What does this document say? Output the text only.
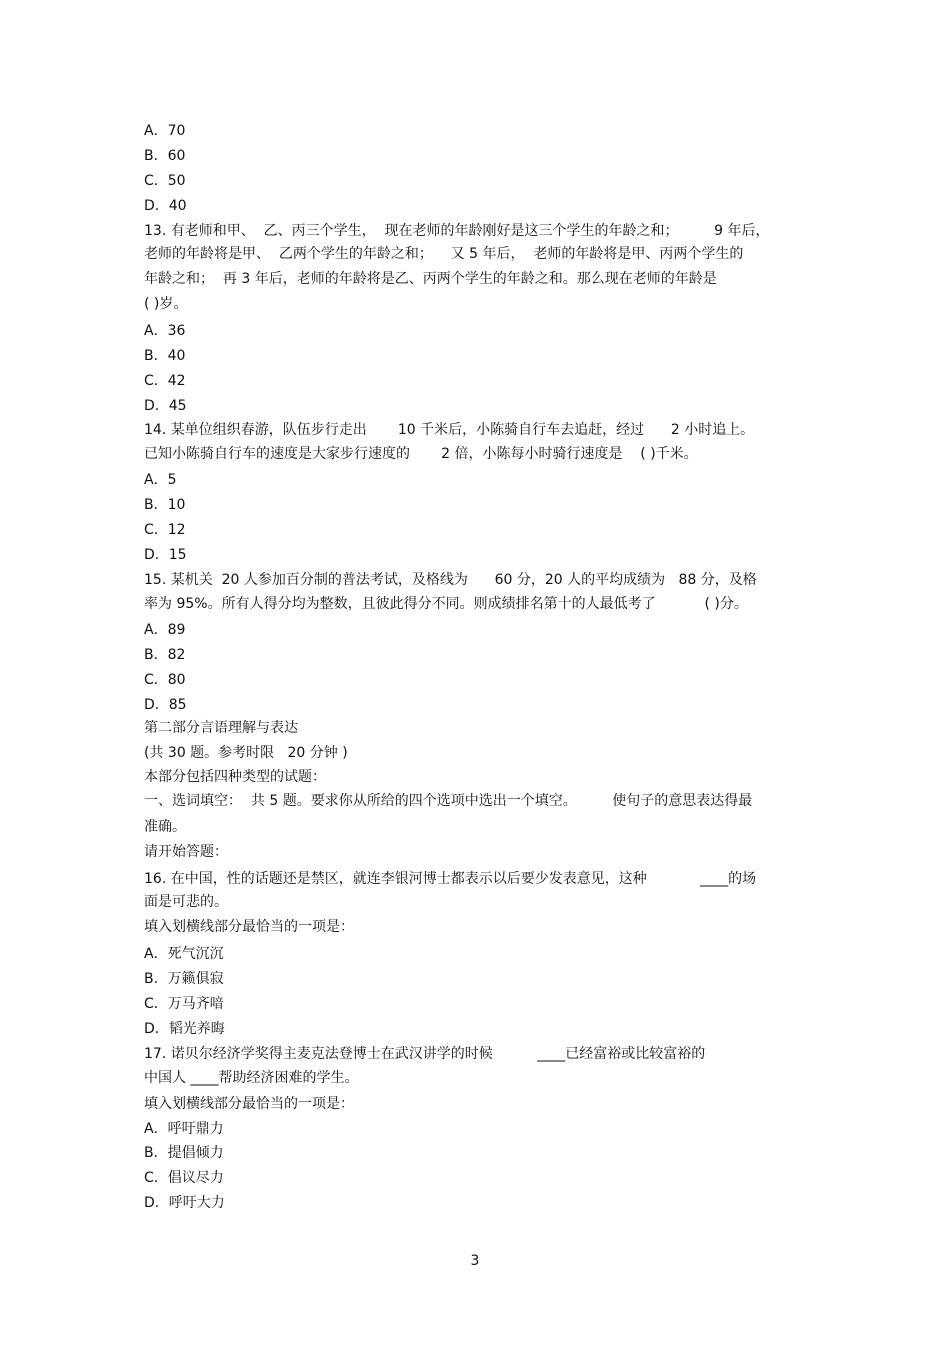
A．70
B．60
C．50
D．40
13. 有老师和甲、  乙、丙三个学生，  现在老师的年龄刚好是这三个学生的年龄之和；        9 年后，
老师的年龄将是甲、  乙两个学生的年龄之和；    又 5 年后，  老师的年龄将是甲、丙两个学生的
年龄之和；  再 3 年后，老师的年龄将是乙、丙两个学生的年龄之和。那么现在老师的年龄是
( )岁。
A．36
B．40
C．42
D．45
14. 某单位组织春游，队伍步行走出       10 千米后，小陈骑自行车去追赶，经过      2 小时追上。
已知小陈骑自行车的速度是大家步行速度的       2 倍，小陈每小时骑行速度是    ( )千米。
A．5
B．10
C．12
D．15
15. 某机关  20 人参加百分制的普法考试，及格线为      60 分，20 人的平均成绩为   88 分，及格
率为 95%。所有人得分均为整数，且彼此得分不同。则成绩排名第十的人最低考了           ( )分。
A．89
B．82
C．80
D．85
第二部分言语理解与表达
(共 30 题。参考时限   20 分钟 )
本部分包括四种类型的试题：
一、选词填空：  共 5 题。要求你从所给的四个选项中选出一个填空。        使句子的意思表达得最
准确。
请开始答题：
16. 在中国，性的话题还是禁区，就连李银河博士都表示以后要少发表意见，这种            ____的场
面是可悲的。
填入划横线部分最恰当的一项是：
A．死气沉沉
B．万籁俱寂
C．万马齐喑
D．韬光养晦
17. 诺贝尔经济学奖得主麦克法登博士在武汉讲学的时候          ____已经富裕或比较富裕的
中国人 ____帮助经济困难的学生。
填入划横线部分最恰当的一项是：
A．呼吁鼎力
B．提倡倾力
C．倡议尽力
D．呼吁大力
3
